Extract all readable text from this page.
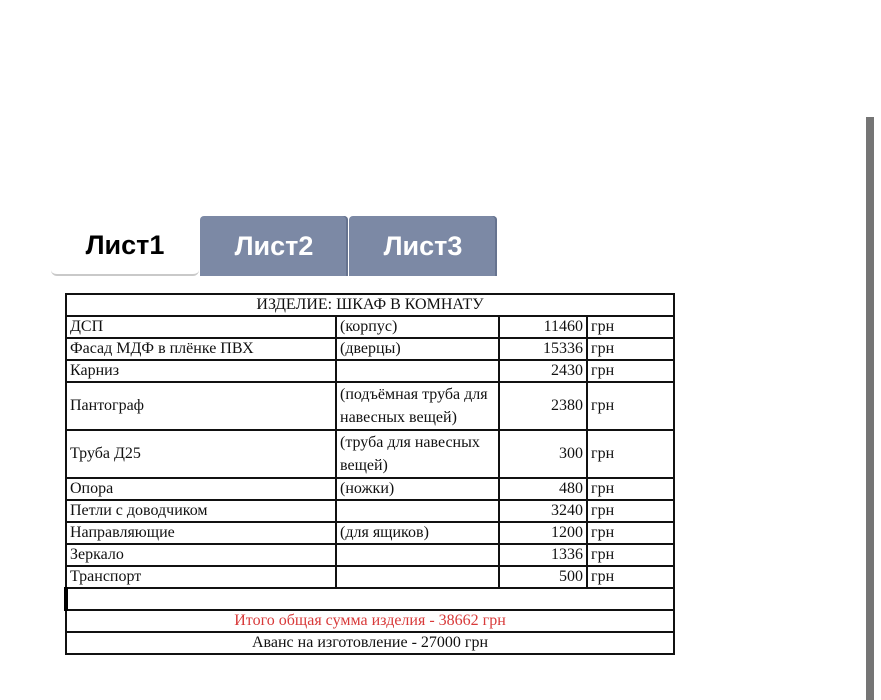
Лист1	Лист2	Лист3
ИЗДЕЛИЕ: ШКАФ В КОМНАТУ			
ДСП	(корпус)	11460	грн
Фасад МДФ в плёнке ПВХ	(дверцы)	15336	грн
Карниз		2430	грн
Пантограф	(подъёмная труба для навесных вещей)	2380	грн
Труба Д25	(труба для навесных вещей)	300	грн
Опора	(ножки)	480	грн
Петли с доводчиком		3240	грн
Направляющие	(для ящиков)	1200	грн
Зеркало		1336	грн
Транспорт		500	грн

Итого общая сумма изделия - 38662 грн			
Аванс на изготовление - 27000 грн			
